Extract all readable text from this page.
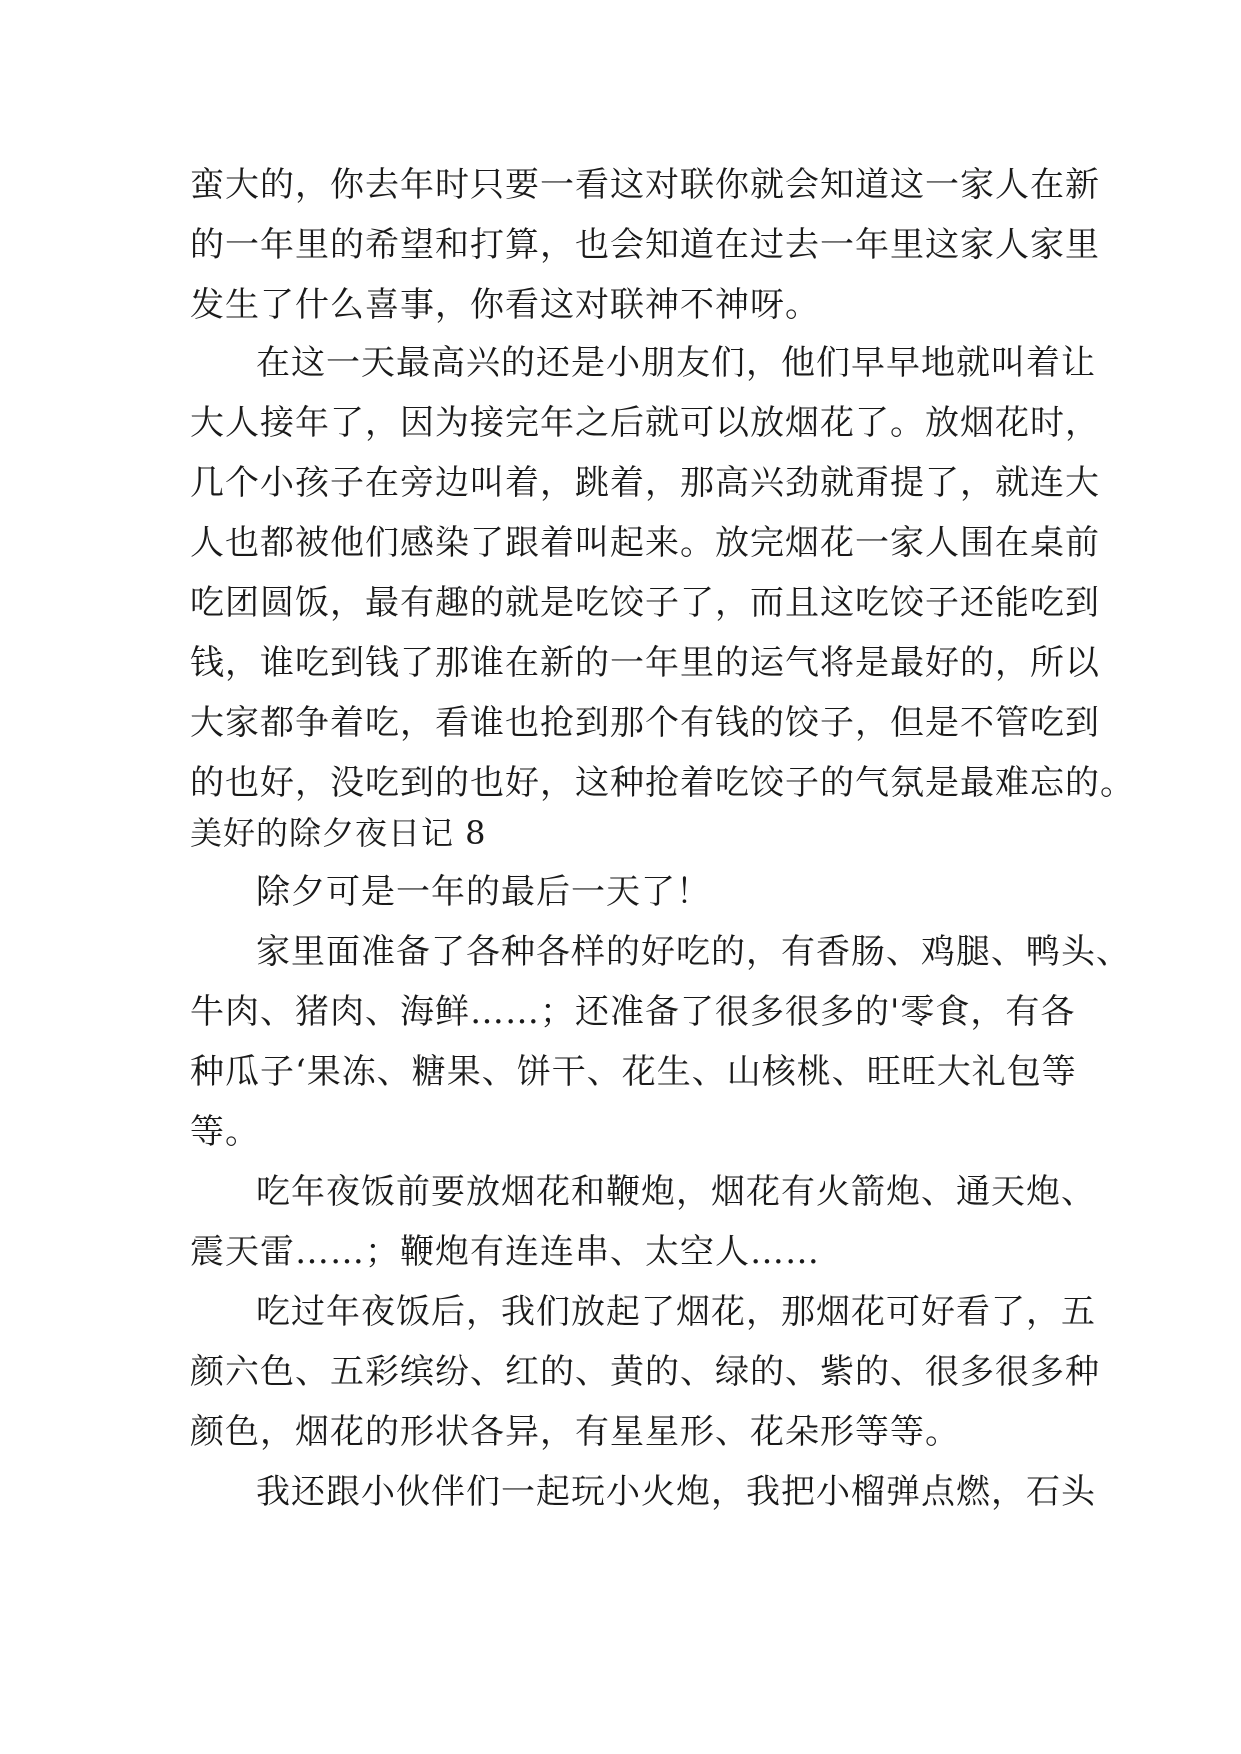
蛮大的，你去年时只要一看这对联你就会知道这一家人在新
的一年里的希望和打算，也会知道在过去一年里这家人家里
发生了什么喜事，你看这对联神不神呀。
在这一天最高兴的还是小朋友们，他们早早地就叫着让
大人接年了，因为接完年之后就可以放烟花了。放烟花时，
几个小孩子在旁边叫着，跳着，那高兴劲就甭提了，就连大
人也都被他们感染了跟着叫起来。放完烟花一家人围在桌前
吃团圆饭，最有趣的就是吃饺子了，而且这吃饺子还能吃到
钱，谁吃到钱了那谁在新的一年里的运气将是最好的，所以
大家都争着吃，看谁也抢到那个有钱的饺子，但是不管吃到
的也好，没吃到的也好，这种抢着吃饺子的气氛是最难忘的。
美好的除夕夜日记 8
除夕可是一年的最后一天了！
家里面准备了各种各样的好吃的，有香肠、鸡腿、鸭头、
牛肉、猪肉、海鲜……；还准备了很多很多的'零食，有各
种瓜子‘果冻、糖果、饼干、花生、山核桃、旺旺大礼包等
等。
吃年夜饭前要放烟花和鞭炮，烟花有火箭炮、通天炮、
震天雷……；鞭炮有连连串、太空人……
吃过年夜饭后，我们放起了烟花，那烟花可好看了，五
颜六色、五彩缤纷、红的、黄的、绿的、紫的、很多很多种
颜色，烟花的形状各异，有星星形、花朵形等等。
我还跟小伙伴们一起玩小火炮，我把小榴弹点燃，石头
